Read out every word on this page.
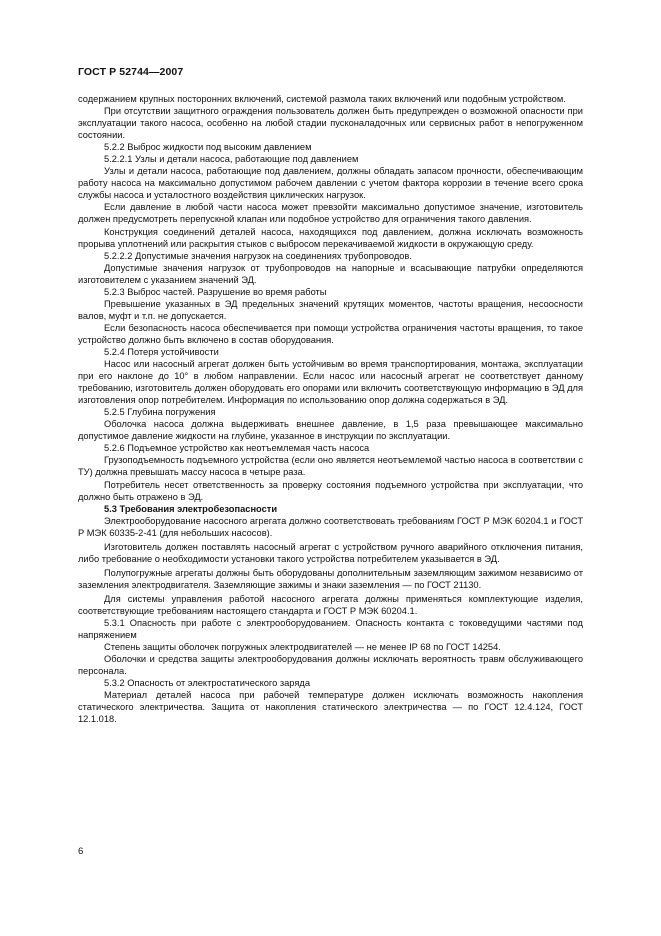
ГОСТ Р 52744—2007

содержанием крупных посторонних включений, системой размола таких включений или подобным устройством.

При отсутствии защитного ограждения пользователь должен быть предупрежден о возможной опасности при эксплуатации такого насоса, особенно на любой стадии пусконаладочных или сервисных работ в непогруженном состоянии.

5.2.2 Выброс жидкости под высоким давлением

5.2.2.1 Узлы и детали насоса, работающие под давлением

Узлы и детали насоса, работающие под давлением, должны обладать запасом прочности, обеспечивающим работу насоса на максимально допустимом рабочем давлении с учетом фактора коррозии в течение всего срока службы насоса и усталостного воздействия циклических нагрузок.

Если давление в любой части насоса может превзойти максимально допустимое значение, изготовитель должен предусмотреть перепускной клапан или подобное устройство для ограничения такого давления.

Конструкция соединений деталей насоса, находящихся под давлением, должна исключать возможность прорыва уплотнений или раскрытия стыков с выбросом перекачиваемой жидкости в окружающую среду.

5.2.2.2 Допустимые значения нагрузок на соединениях трубопроводов.

Допустимые значения нагрузок от трубопроводов на напорные и всасывающие патрубки определяются изготовителем с указанием значений ЭД.

5.2.3 Выброс частей. Разрушение во время работы

Превышение указанных в ЭД предельных значений крутящих моментов, частоты вращения, несоосности валов, муфт и т.п. не допускается.

Если безопасность насоса обеспечивается при помощи устройства ограничения частоты вращения, то такое устройство должно быть включено в состав оборудования.

5.2.4 Потеря устойчивости

Насос или насосный агрегат должен быть устойчивым во время транспортирования, монтажа, эксплуатации при его наклоне до 10° в любом направлении. Если насос или насосный агрегат не соответствует данному требованию, изготовитель должен оборудовать его опорами или включить соответствующую информацию в ЭД для изготовления опор потребителем. Информация по использованию опор должна содержаться в ЭД.

5.2.5 Глубина погружения

Оболочка насоса должна выдерживать внешнее давление, в 1,5 раза превышающее максимально допустимое давление жидкости на глубине, указанное в инструкции по эксплуатации.

5.2.6 Подъемное устройство как неотъемлемая часть насоса

Грузоподъемность подъемного устройства (если оно является неотъемлемой частью насоса в соответствии с ТУ) должна превышать массу насоса в четыре раза.

Потребитель несет ответственность за проверку состояния подъемного устройства при эксплуатации, что должно быть отражено в ЭД.

5.3 Требования электробезопасности

Электрооборудование насосного агрегата должно соответствовать требованиям ГОСТ Р МЭК 60204.1 и ГОСТ Р МЭК 60335-2-41 (для небольших насосов).

Изготовитель должен поставлять насосный агрегат с устройством ручного аварийного отключения питания, либо требование о необходимости установки такого устройства потребителем указывается в ЭД.

Полупогружные агрегаты должны быть оборудованы дополнительным заземляющим зажимом независимо от заземления электродвигателя. Заземляющие зажимы и знаки заземления — по ГОСТ 21130.

Для системы управления работой насосного агрегата должны применяться комплектующие изделия, соответствующие требованиям настоящего стандарта и ГОСТ Р МЭК 60204.1.

5.3.1 Опасность при работе с электрооборудованием. Опасность контакта с токоведущими частями под напряжением

Степень защиты оболочек погружных электродвигателей — не менее IP 68 по ГОСТ 14254.

Оболочки и средства защиты электрооборудования должны исключать вероятность травм обслуживающего персонала.

5.3.2 Опасность от электростатического заряда

Материал деталей насоса при рабочей температуре должен исключать возможность накопления статического электричества. Защита от накопления статического электричества — по ГОСТ 12.4.124, ГОСТ 12.1.018.

6
